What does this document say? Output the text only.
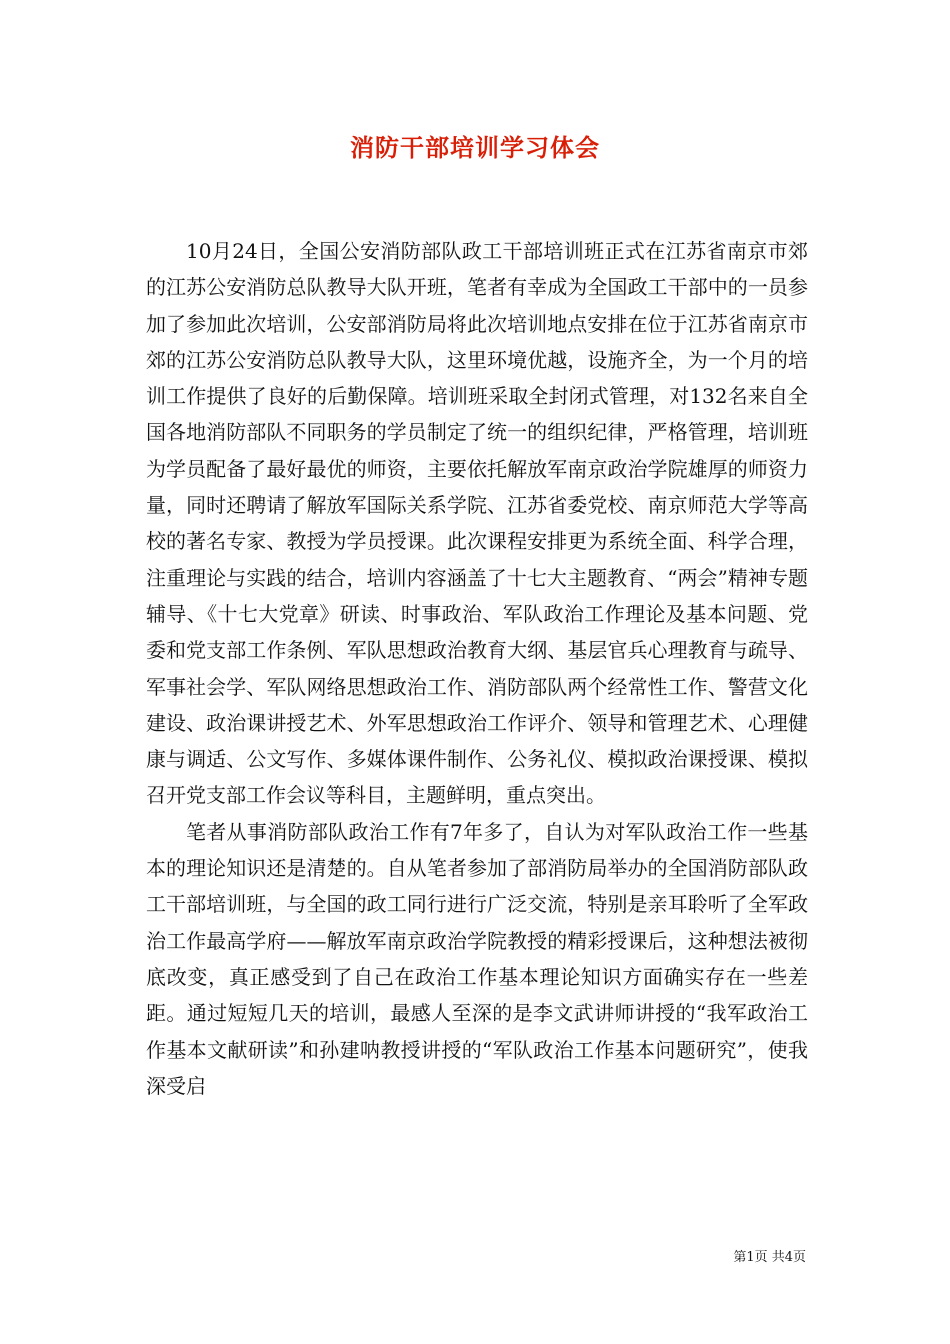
消防干部培训学习体会

10月24日，全国公安消防部队政工干部培训班正式在江苏省南京市郊的江苏公安消防总队教导大队开班，笔者有幸成为全国政工干部中的一员参加了参加此次培训，公安部消防局将此次培训地点安排在位于江苏省南京市郊的江苏公安消防总队教导大队，这里环境优越，设施齐全，为一个月的培训工作提供了良好的后勤保障。培训班采取全封闭式管理，对132名来自全国各地消防部队不同职务的学员制定了统一的组织纪律，严格管理，培训班为学员配备了最好最优的师资，主要依托解放军南京政治学院雄厚的师资力量，同时还聘请了解放军国际关系学院、江苏省委党校、南京师范大学等高校的著名专家、教授为学员授课。此次课程安排更为系统全面、科学合理，注重理论与实践的结合，培训内容涵盖了十七大主题教育、“两会”精神专题辅导、《十七大党章》研读、时事政治、军队政治工作理论及基本问题、党委和党支部工作条例、军队思想政治教育大纲、基层官兵心理教育与疏导、军事社会学、军队网络思想政治工作、消防部队两个经常性工作、警营文化建设、政治课讲授艺术、外军思想政治工作评介、领导和管理艺术、心理健康与调适、公文写作、多媒体课件制作、公务礼仪、模拟政治课授课、模拟召开党支部工作会议等科目，主题鲜明，重点突出。

笔者从事消防部队政治工作有7年多了，自认为对军队政治工作一些基本的理论知识还是清楚的。自从笔者参加了部消防局举办的全国消防部队政工干部培训班，与全国的政工同行进行广泛交流，特别是亲耳聆听了全军政治工作最高学府——解放军南京政治学院教授的精彩授课后，这种想法被彻底改变，真正感受到了自己在政治工作基本理论知识方面确实存在一些差距。通过短短几天的培训，最感人至深的是李文武讲师讲授的“我军政治工作基本文献研读”和孙建呐教授讲授的“军队政治工作基本问题研究”，使我深受启

第1页 共4页
